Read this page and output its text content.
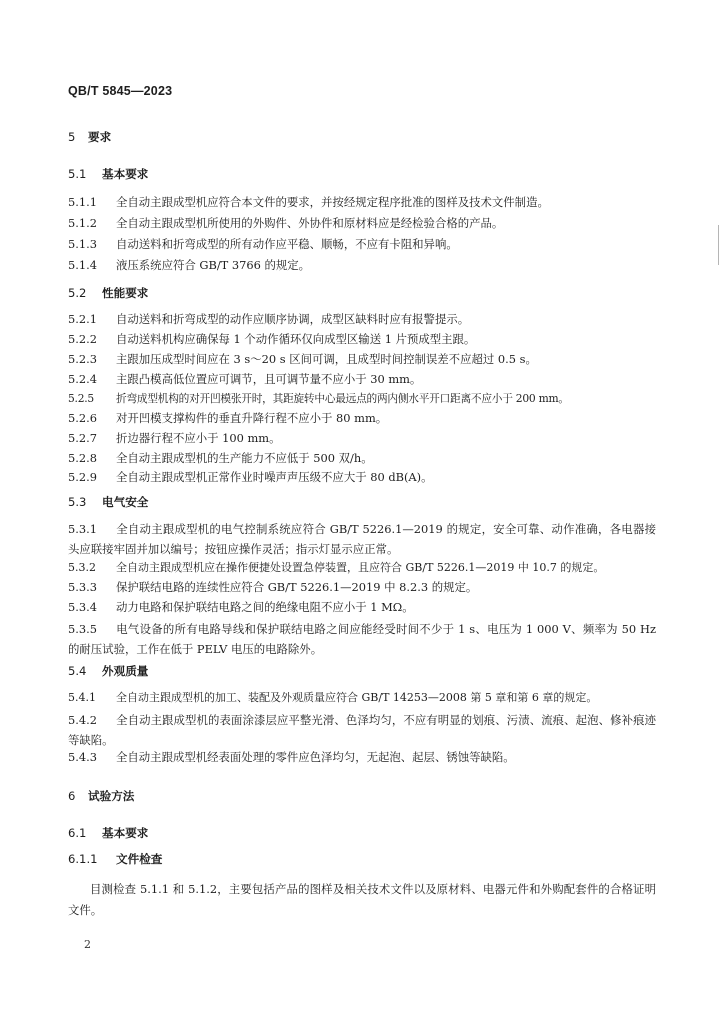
QB/T 5845—2023
5 要求
5.1 基本要求
5.1.1 全自动主跟成型机应符合本文件的要求，并按经规定程序批准的图样及技术文件制造。
5.1.2 全自动主跟成型机所使用的外购件、外协件和原材料应是经检验合格的产品。
5.1.3 自动送料和折弯成型的所有动作应平稳、顺畅，不应有卡阻和异响。
5.1.4 液压系统应符合 GB/T 3766 的规定。
5.2 性能要求
5.2.1 自动送料和折弯成型的动作应顺序协调，成型区缺料时应有报警提示。
5.2.2 自动送料机构应确保每 1 个动作循环仅向成型区输送 1 片预成型主跟。
5.2.3 主跟加压成型时间应在 3 s～20 s 区间可调，且成型时间控制误差不应超过 0.5 s。
5.2.4 主跟凸模高低位置应可调节，且可调节量不应小于 30 mm。
5.2.5 折弯成型机构的对开凹模张开时，其距旋转中心最远点的两内侧水平开口距离不应小于 200 mm。
5.2.6 对开凹模支撑构件的垂直升降行程不应小于 80 mm。
5.2.7 折边器行程不应小于 100 mm。
5.2.8 全自动主跟成型机的生产能力不应低于 500 双/h。
5.2.9 全自动主跟成型机正常作业时噪声声压级不应大于 80 dB(A)。
5.3 电气安全
5.3.1 全自动主跟成型机的电气控制系统应符合 GB/T 5226.1—2019 的规定，安全可靠、动作准确，各电器接头应联接牢固并加以编号；按钮应操作灵活；指示灯显示应正常。
5.3.2 全自动主跟成型机应在操作便捷处设置急停装置，且应符合 GB/T 5226.1—2019 中 10.7 的规定。
5.3.3 保护联结电路的连续性应符合 GB/T 5226.1—2019 中 8.2.3 的规定。
5.3.4 动力电路和保护联结电路之间的绝缘电阻不应小于 1 MΩ。
5.3.5 电气设备的所有电路导线和保护联结电路之间应能经受时间不少于 1 s、电压为 1 000 V、频率为 50 Hz 的耐压试验，工作在低于 PELV 电压的电路除外。
5.4 外观质量
5.4.1 全自动主跟成型机的加工、装配及外观质量应符合 GB/T 14253—2008 第 5 章和第 6 章的规定。
5.4.2 全自动主跟成型机的表面涂漆层应平整光滑、色泽均匀，不应有明显的划痕、污渍、流痕、起泡、修补痕迹等缺陷。
5.4.3 全自动主跟成型机经表面处理的零件应色泽均匀，无起泡、起层、锈蚀等缺陷。
6 试验方法
6.1 基本要求
6.1.1 文件检查
目测检查 5.1.1 和 5.1.2，主要包括产品的图样及相关技术文件以及原材料、电器元件和外购配套件的合格证明文件。
2
